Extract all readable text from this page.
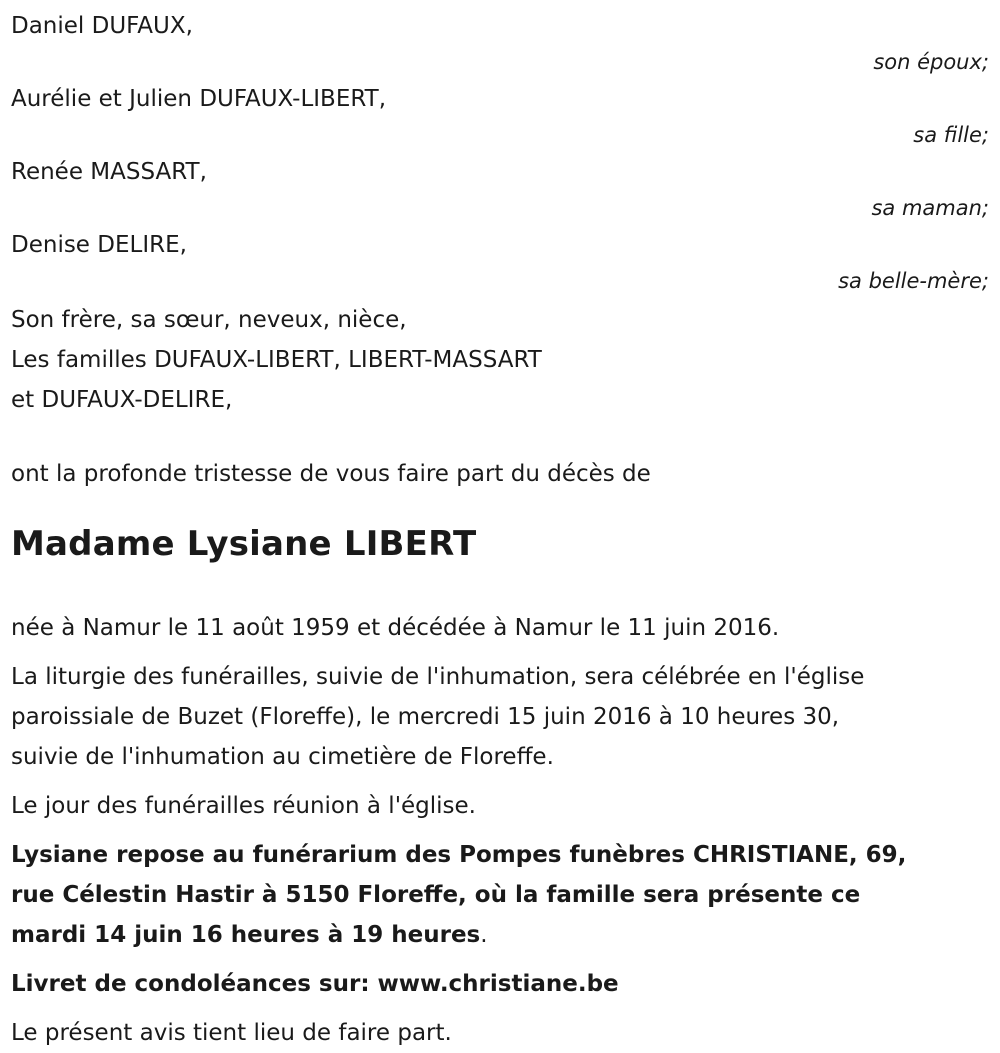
Daniel DUFAUX,
son époux;
Aurélie et Julien DUFAUX-LIBERT,
sa fille;
Renée MASSART,
sa maman;
Denise DELIRE,
sa belle-mère;
Son frère, sa sœur, neveux, nièce,
Les familles DUFAUX-LIBERT, LIBERT-MASSART
et DUFAUX-DELIRE,
ont la profonde tristesse de vous faire part du décès de
Madame Lysiane LIBERT
née à Namur le 11 août 1959 et décédée à Namur le 11 juin 2016.
La liturgie des funérailles, suivie de l'inhumation, sera célébrée en l'église
paroissiale de Buzet (Floreffe), le mercredi 15 juin 2016 à 10 heures 30,
suivie de l'inhumation au cimetière de Floreffe.
Le jour des funérailles réunion à l'église.
Lysiane repose au funérarium des Pompes funèbres CHRISTIANE, 69,
rue Célestin Hastir à 5150 Floreffe, où la famille sera présente ce
mardi 14 juin 16 heures à 19 heures.
Livret de condoléances sur: www.christiane.be
Le présent avis tient lieu de faire part.
